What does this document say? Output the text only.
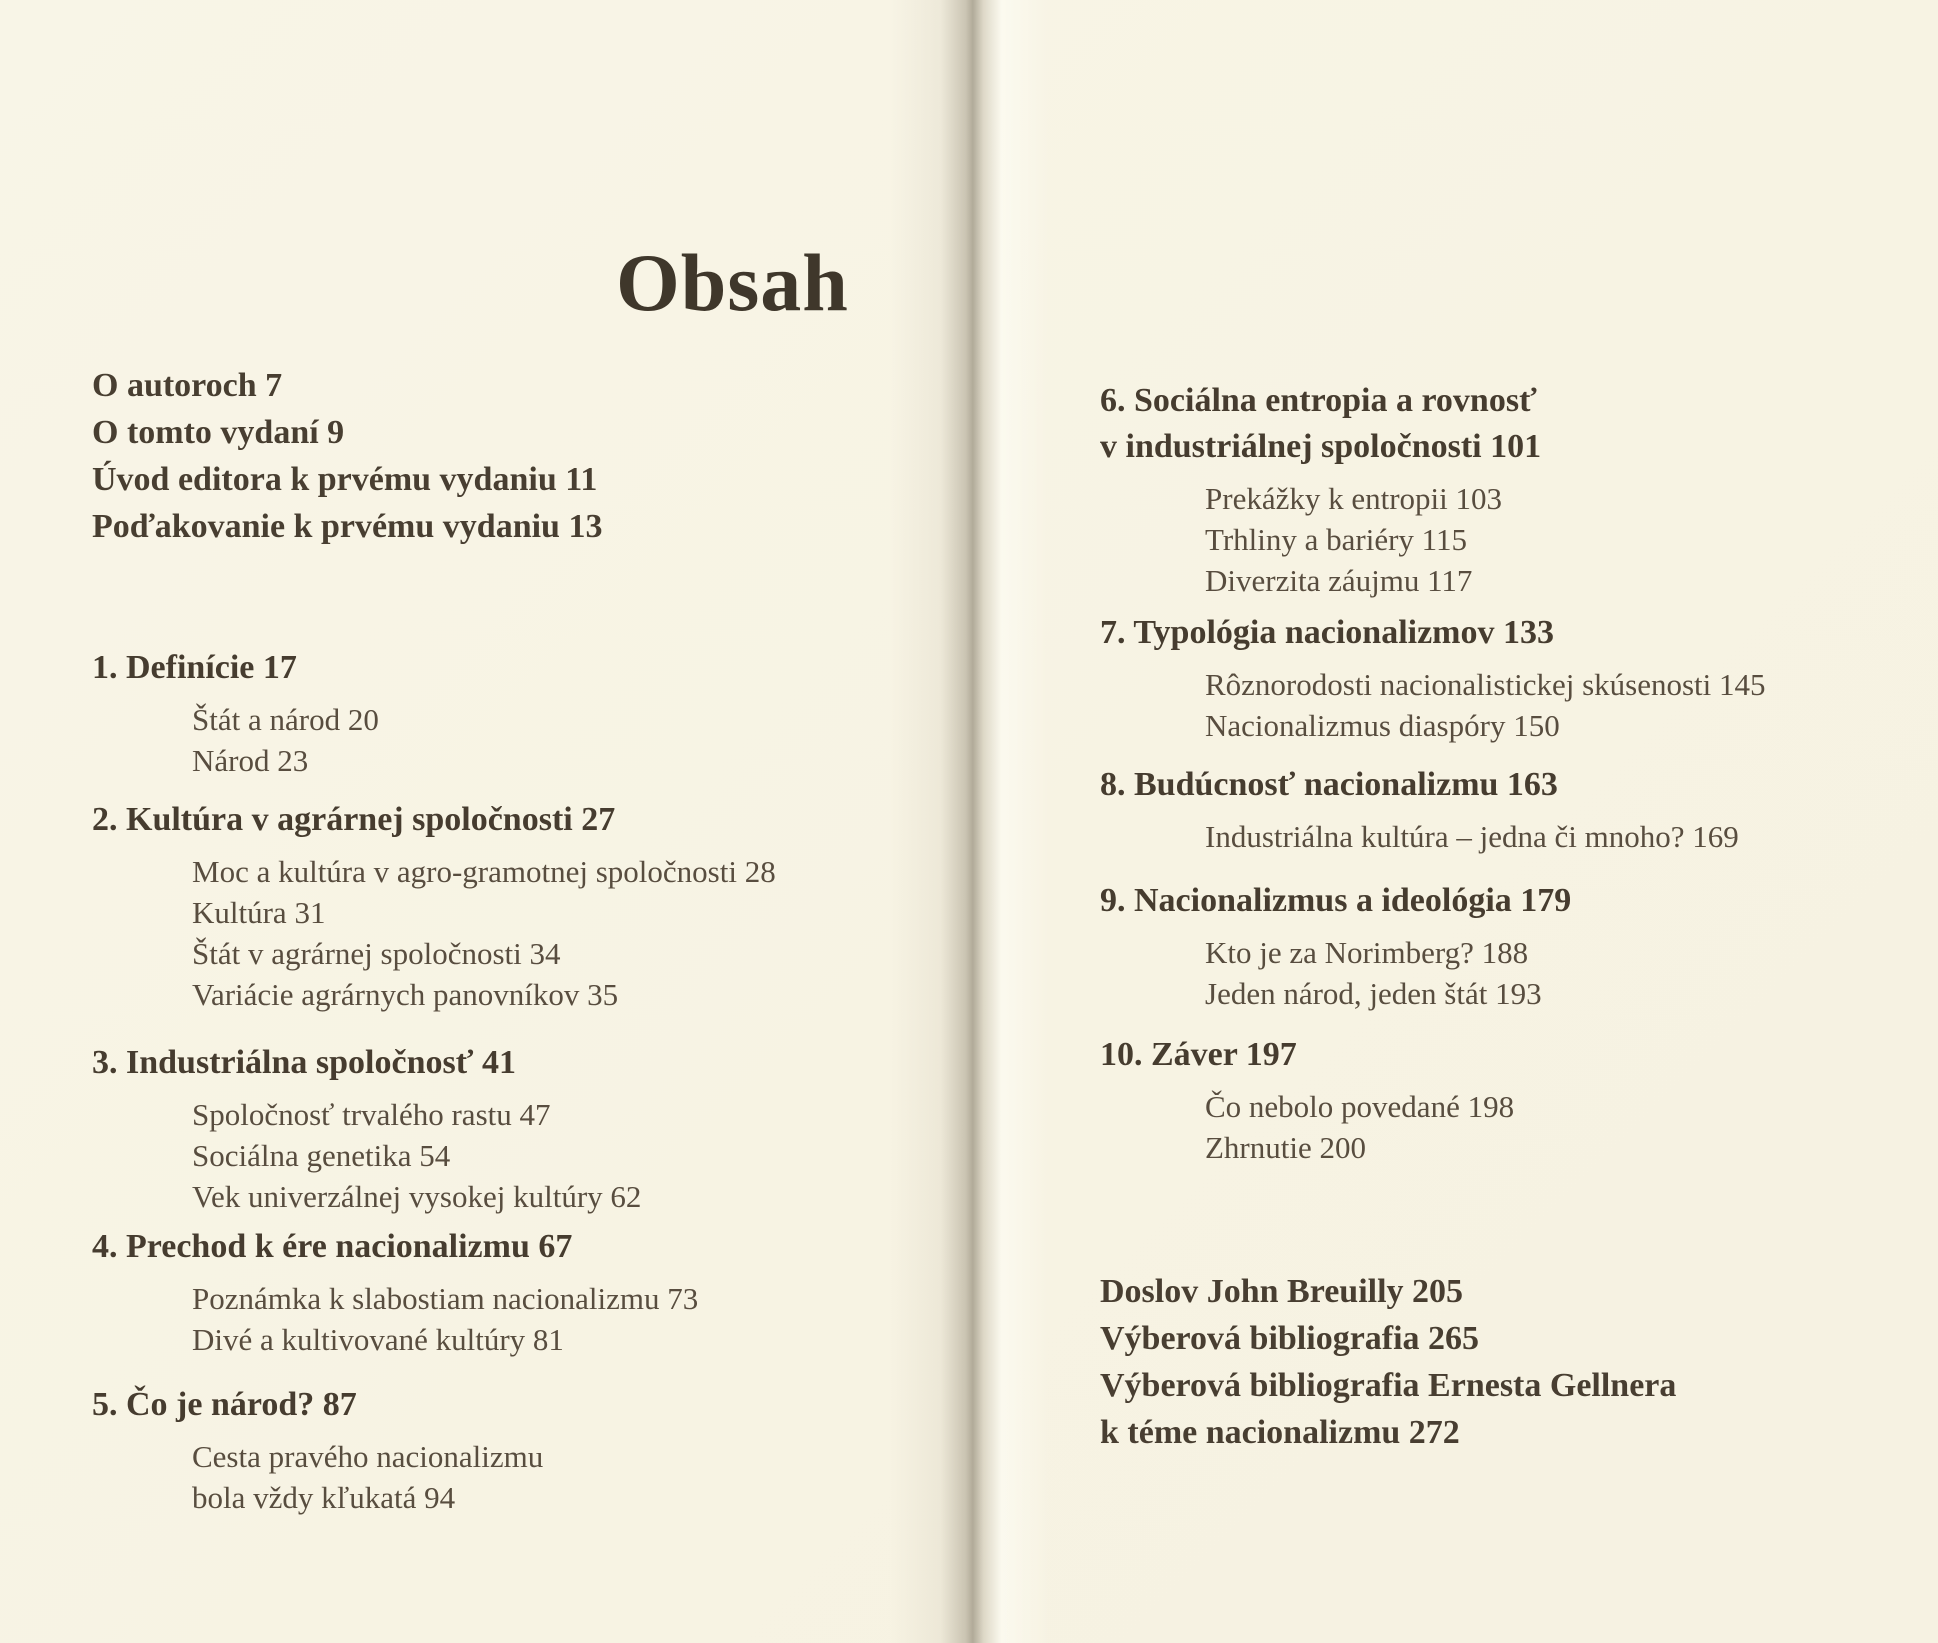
Obsah
O autoroch 7
O tomto vydaní 9
Úvod editora k prvému vydaniu 11
Poďakovanie k prvému vydaniu 13
1. Definície 17
Štát a národ 20
Národ 23
2. Kultúra v agrárnej spoločnosti 27
Moc a kultúra v agro-gramotnej spoločnosti 28
Kultúra 31
Štát v agrárnej spoločnosti 34
Variácie agrárnych panovníkov 35
3. Industriálna spoločnosť 41
Spoločnosť trvalého rastu 47
Sociálna genetika 54
Vek univerzálnej vysokej kultúry 62
4. Prechod k ére nacionalizmu 67
Poznámka k slabostiam nacionalizmu 73
Divé a kultivované kultúry 81
5. Čo je národ? 87
Cesta pravého nacionalizmu
bola vždy kľukatá 94
6. Sociálna entropia a rovnosť
v industriálnej spoločnosti 101
Prekážky k entropii 103
Trhliny a bariéry 115
Diverzita záujmu 117
7. Typológia nacionalizmov 133
Rôznorodosti nacionalistickej skúsenosti 145
Nacionalizmus diaspóry 150
8. Budúcnosť nacionalizmu 163
Industriálna kultúra – jedna či mnoho? 169
9. Nacionalizmus a ideológia 179
Kto je za Norimberg? 188
Jeden národ, jeden štát 193
10. Záver 197
Čo nebolo povedané 198
Zhrnutie 200
Doslov John Breuilly 205
Výberová bibliografia 265
Výberová bibliografia Ernesta Gellnera
k téme nacionalizmu 272
